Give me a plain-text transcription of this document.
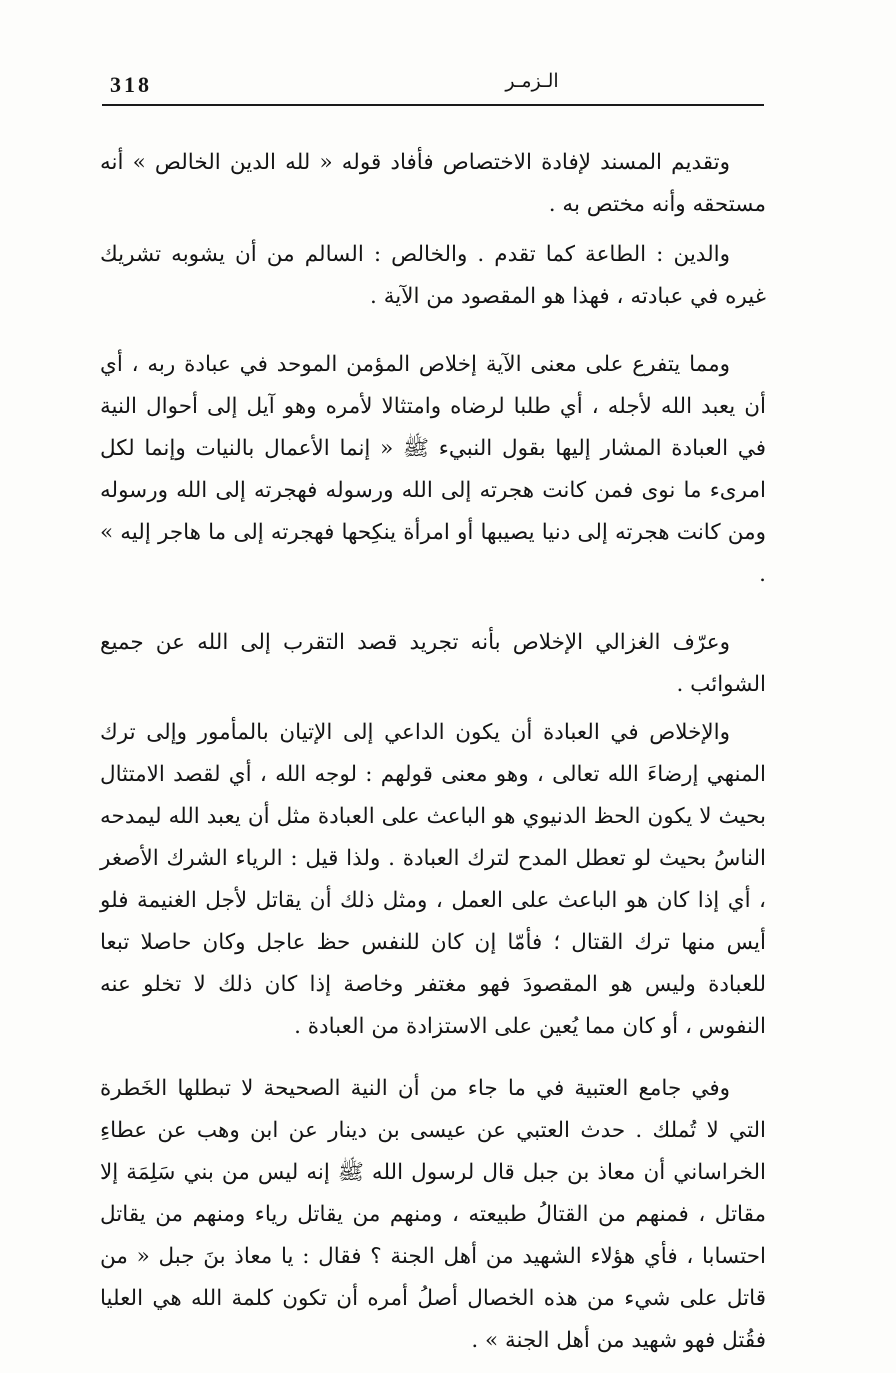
318	الـزمـر

وتقديم المسند لإفادة الاختصاص فأفاد قوله « لله الدين الخالص » أنه مستحقه وأنه مختص به .

والدين : الطاعة كما تقدم . والخالص : السالم من أن يشوبه تشريك غيره في عبادته ، فهذا هو المقصود من الآية .

ومما يتفرع على معنى الآية إخلاص المؤمن الموحد في عبادة ربه ، أي أن يعبد الله لأجله ، أي طلبا لرضاه وامتثالا لأمره وهو آيل إلى أحوال النية في العبادة المشار إليها بقول النبيء ﷺ « إنما الأعمال بالنيات وإنما لكل امرىء ما نوى فمن كانت هجرته إلى الله ورسوله فهجرته إلى الله ورسوله ومن كانت هجرته إلى دنيا يصيبها أو امرأة ينكِحها فهجرته إلى ما هاجر إليه » .

وعرّف الغزالي الإخلاص بأنه تجريد قصد التقرب إلى الله عن جميع الشوائب .

والإخلاص في العبادة أن يكون الداعي إلى الإتيان بالمأمور وإلى ترك المنهي إرضاءَ الله تعالى ، وهو معنى قولهم : لوجه الله ، أي لقصد الامتثال بحيث لا يكون الحظ الدنيوي هو الباعث على العبادة مثل أن يعبد الله ليمدحه الناسُ بحيث لو تعطل المدح لترك العبادة . ولذا قيل : الرياء الشرك الأصغر ، أي إذا كان هو الباعث على العمل ، ومثل ذلك أن يقاتل لأجل الغنيمة فلو أيس منها ترك القتال ؛ فأمّا إن كان للنفس حظ عاجل وكان حاصلا تبعا للعبادة وليس هو المقصودَ فهو مغتفر وخاصة إذا كان ذلك لا تخلو عنه النفوس ، أو كان مما يُعين على الاستزادة من العبادة .

وفي جامع العتبية في ما جاء من أن النية الصحيحة لا تبطلها الخَطرة التي لا تُملك . حدث العتبي عن عيسى بن دينار عن ابن وهب عن عطاءِ الخراساني أن معاذ بن جبل قال لرسول الله ﷺ إنه ليس من بني سَلِمَة إلا مقاتل ، فمنهم من القتالُ طبيعته ، ومنهم من يقاتل رياء ومنهم من يقاتل احتسابا ، فأي هؤلاء الشهيد من أهل الجنة ؟ فقال : يا معاذ بنَ جبل « من قاتل على شيء من هذه الخصال أصلُ أمره أن تكون كلمة الله هي العليا فقُتل فهو شهيد من أهل الجنة » .
